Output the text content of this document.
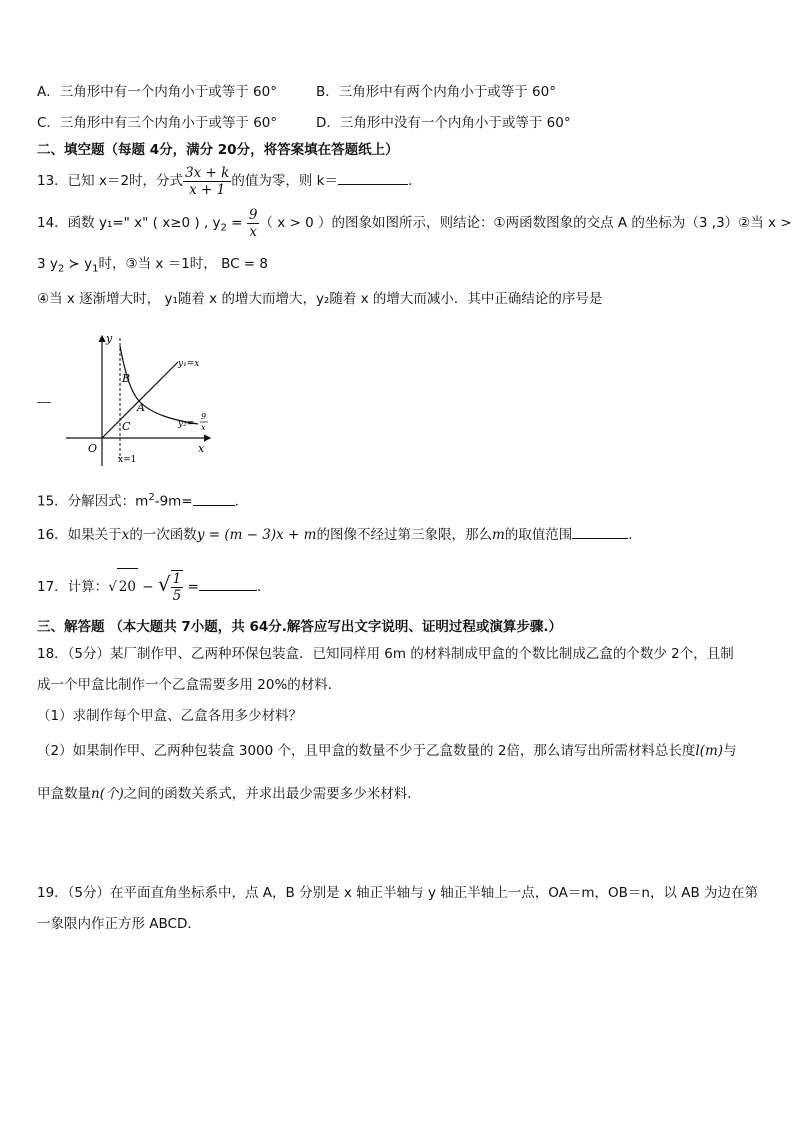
A．三角形中有一个内角小于或等于 60°	B．三角形中有两个内角小于或等于 60°
C．三角形中有三个内角小于或等于 60°	D．三角形中没有一个内角小于或等于 60°
二、填空题（每题 4分，满分 20分，将答案填在答题纸上）
13．已知 x＝2时，分式 $\frac{3x + k}{x + 1}$ 的值为零，则 k＝	.
14．函数 y₁=" x" ( x≥0 ) , $y_2 = \frac{9}{x}$ （ x > 0 ）的图象如图所示，则结论：①两函数图象的交点 A 的坐标为（3 ,3）②当 x >
3 $y_2$ ≻ $y_1$时，③当 x ＝1时， BC = 8
④当 x 逐渐增大时， y₁随着 x 的增大而增大，y₂随着 x 的增大而减小．其中正确结论的序号是
y
x
O
B
A
C
x=1
y₁=x
y₂=
9
x
15．分解因式：$m^2-9m=$	.
16．如果关于x的一次函数y = (m − 3)x + m的图像不经过第三象限，那么m的取值范围	.
17．计算：√ 20 − √ $\frac{1}{5}$ =	.
三、解答题 （本大题共 7小题，共 64分.解答应写出文字说明、证明过程或演算步骤.）
18．（5分）某厂制作甲、乙两种环保包装盒．已知同样用 6m 的材料制成甲盒的个数比制成乙盒的个数少 2个，且制
成一个甲盒比制作一个乙盒需要多用 20%的材料．
（1）求制作每个甲盒、乙盒各用多少材料？
（2）如果制作甲、乙两种包装盒 3000 个，且甲盒的数量不少于乙盒数量的 2倍，那么请写出所需材料总长度l(m)与
甲盒数量n(个)之间的函数关系式，并求出最少需要多少米材料．
19．（5分）在平面直角坐标系中，点 A，B 分别是 x 轴正半轴与 y 轴正半轴上一点，OA＝m，OB＝n，以 AB 为边在第
一象限内作正方形 ABCD．
